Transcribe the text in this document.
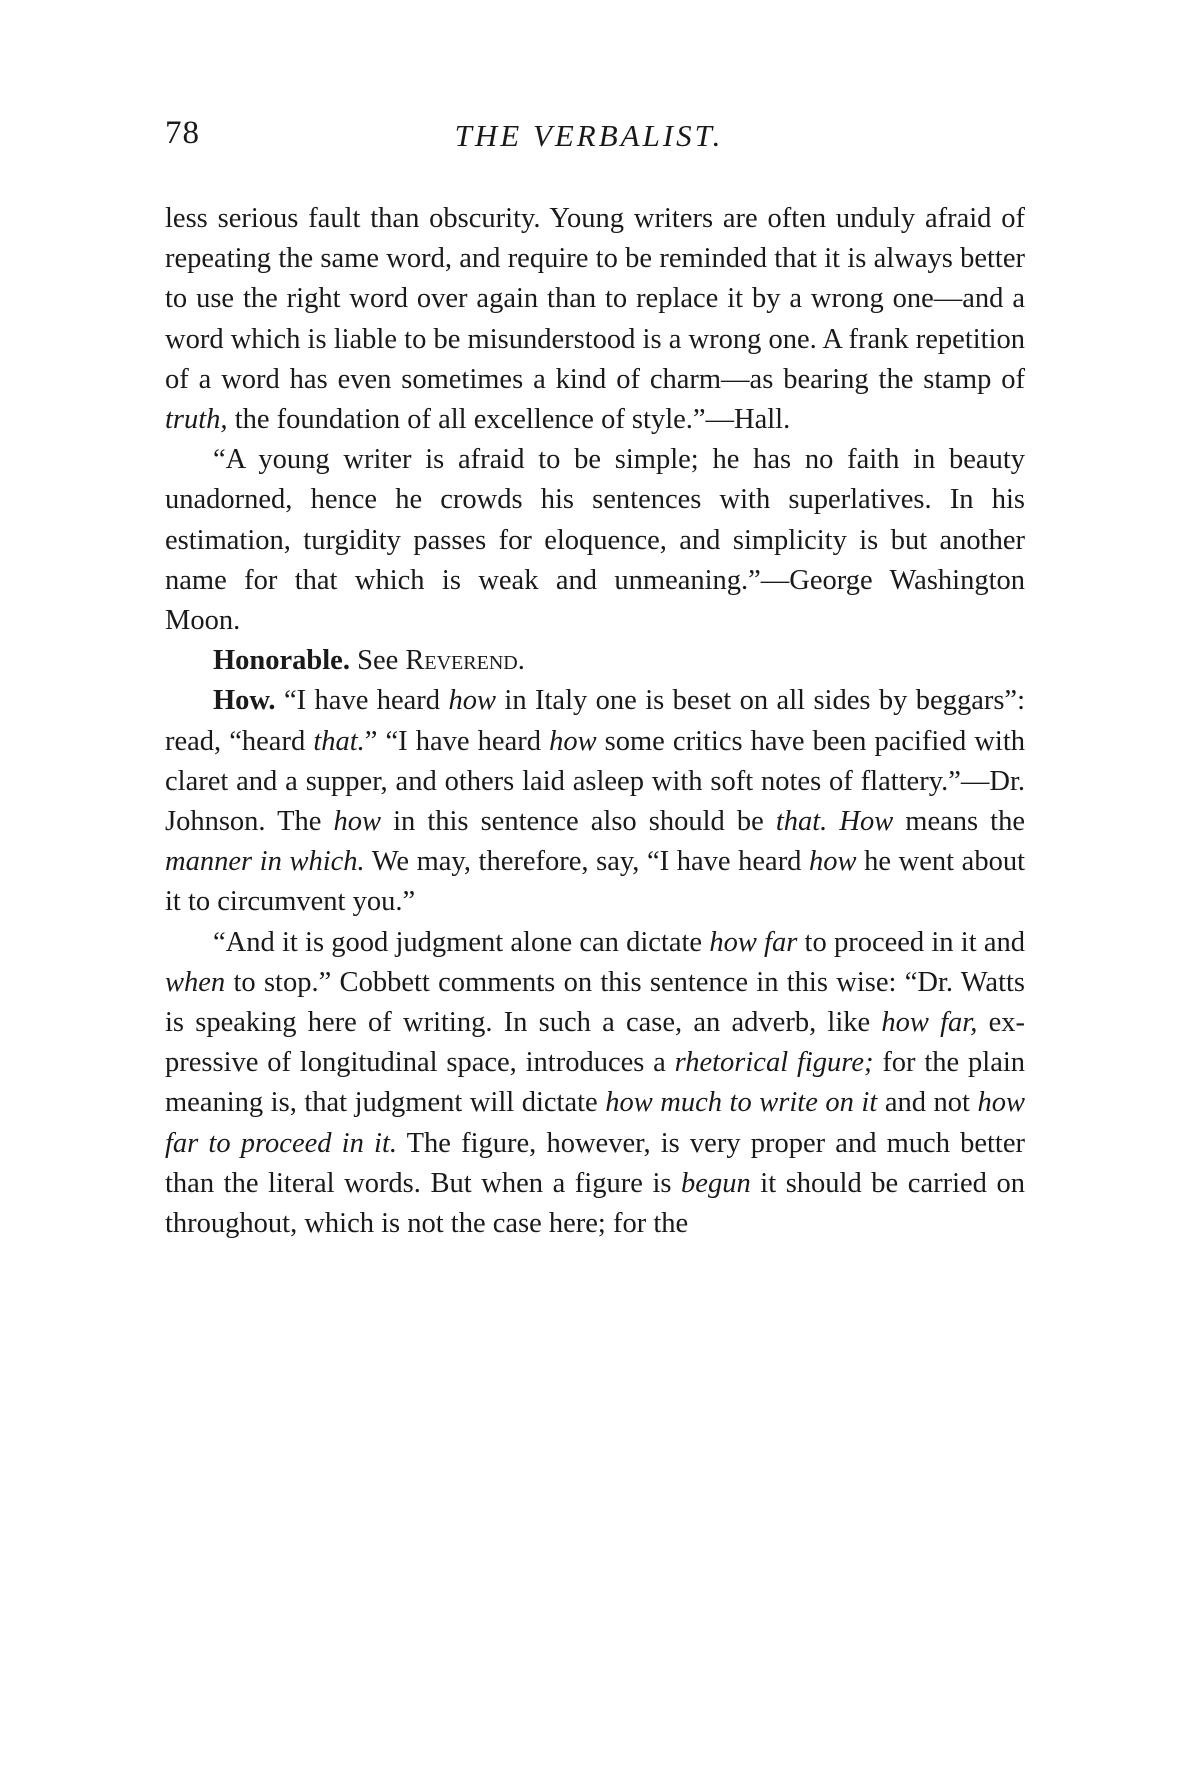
78	THE VERBALIST.

less serious fault than obscurity. Young writers are often unduly afraid of repeating the same word, and require to be reminded that it is always better to use the right word over again than to replace it by a wrong one—and a word which is liable to be misunderstood is a wrong one. A frank repetition of a word has even sometimes a kind of charm—as bearing the stamp of truth, the foundation of all excellence of style.”—Hall.

“A young writer is afraid to be simple; he has no faith in beauty unadorned, hence he crowds his sentences with superlatives. In his estimation, turgidity passes for eloquence, and simplicity is but another name for that which is weak and unmeaning.”—George Washington Moon.

Honorable. See Reverend.

How. “I have heard how in Italy one is beset on all sides by beggars”: read, “heard that.” “I have heard how some critics have been pacified with claret and a supper, and others laid asleep with soft notes of flattery.”—Dr. Johnson. The how in this sentence also should be that. How means the manner in which. We may, therefore, say, “I have heard how he went about it to circumvent you.”

“And it is good judgment alone can dictate how far to proceed in it and when to stop.” Cobbett comments on this sentence in this wise: “Dr. Watts is speaking here of writing. In such a case, an adverb, like how far, expressive of longitudinal space, introduces a rhetorical figure; for the plain meaning is, that judgment will dictate how much to write on it and not how far to proceed in it. The figure, however, is very proper and much better than the literal words. But when a figure is begun it should be carried on throughout, which is not the case here; for the
